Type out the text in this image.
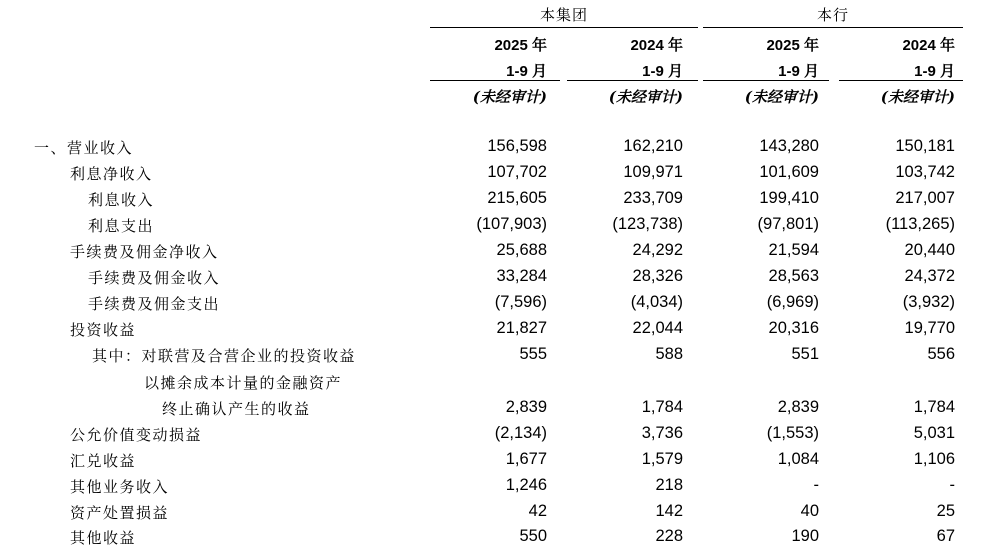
本集团	本行
2025 年	2024 年	2025 年	2024 年
1-9 月	1-9 月	1-9 月	1-9 月
(未经审计)	(未经审计)	(未经审计)	(未经审计)
一、营业收入	156,598	162,210	143,280	150,181
利息净收入	107,702	109,971	101,609	103,742
利息收入	215,605	233,709	199,410	217,007
利息支出	(107,903)	(123,738)	(97,801)	(113,265)
手续费及佣金净收入	25,688	24,292	21,594	20,440
手续费及佣金收入	33,284	28,326	28,563	24,372
手续费及佣金支出	(7,596)	(4,034)	(6,969)	(3,932)
投资收益	21,827	22,044	20,316	19,770
其中：对联营及合营企业的投资收益	555	588	551	556
以摊余成本计量的金融资产
终止确认产生的收益	2,839	1,784	2,839	1,784
公允价值变动损益	(2,134)	3,736	(1,553)	5,031
汇兑收益	1,677	1,579	1,084	1,106
其他业务收入	1,246	218	-	-
资产处置损益	42	142	40	25
其他收益	550	228	190	67
